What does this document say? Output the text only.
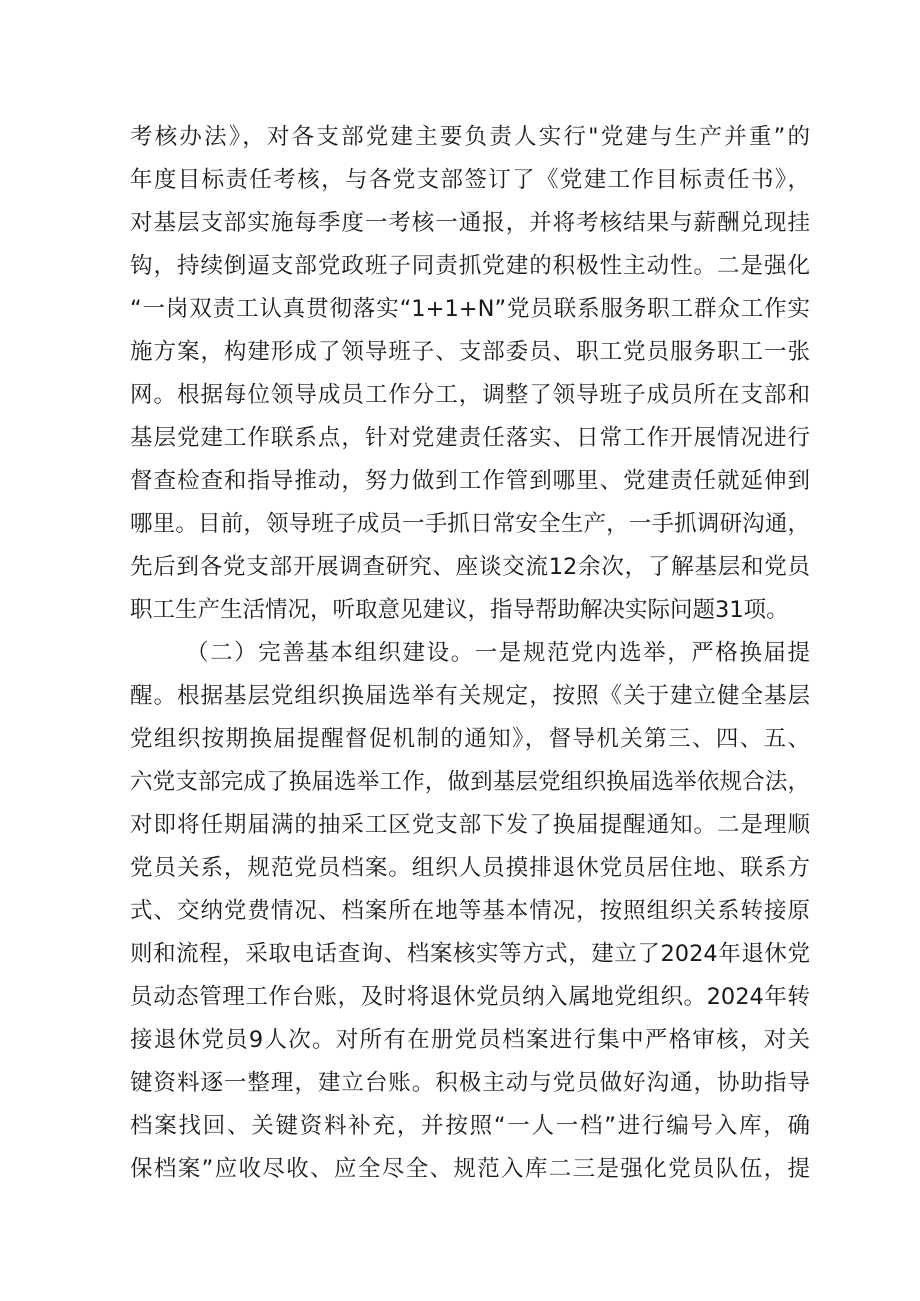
考核办法》，对各支部党建主要负责人实行"党建与生产并重”的
年度目标责任考核，与各党支部签订了《党建工作目标责任书》，
对基层支部实施每季度一考核一通报，并将考核结果与薪酬兑现挂
钩，持续倒逼支部党政班子同责抓党建的积极性主动性。二是强化
“一岗双责工认真贯彻落实“1+1+N”党员联系服务职工群众工作实
施方案，构建形成了领导班子、支部委员、职工党员服务职工一张
网。根据每位领导成员工作分工，调整了领导班子成员所在支部和
基层党建工作联系点，针对党建责任落实、日常工作开展情况进行
督查检查和指导推动，努力做到工作管到哪里、党建责任就延伸到
哪里。目前，领导班子成员一手抓日常安全生产，一手抓调研沟通，
先后到各党支部开展调查研究、座谈交流12余次，了解基层和党员
职工生产生活情况，听取意见建议，指导帮助解决实际问题31项。
（二）完善基本组织建设。一是规范党内选举，严格换届提
醒。根据基层党组织换届选举有关规定，按照《关于建立健全基层
党组织按期换届提醒督促机制的通知》，督导机关第三、四、五、
六党支部完成了换届选举工作，做到基层党组织换届选举依规合法，
对即将任期届满的抽采工区党支部下发了换届提醒通知。二是理顺
党员关系，规范党员档案。组织人员摸排退休党员居住地、联系方
式、交纳党费情况、档案所在地等基本情况，按照组织关系转接原
则和流程，采取电话查询、档案核实等方式，建立了2024年退休党
员动态管理工作台账，及时将退休党员纳入属地党组织。2024年转
接退休党员9人次。对所有在册党员档案进行集中严格审核，对关
键资料逐一整理，建立台账。积极主动与党员做好沟通，协助指导
档案找回、关键资料补充，并按照“一人一档”进行编号入库，确
保档案”应收尽收、应全尽全、规范入库二三是强化党员队伍，提
